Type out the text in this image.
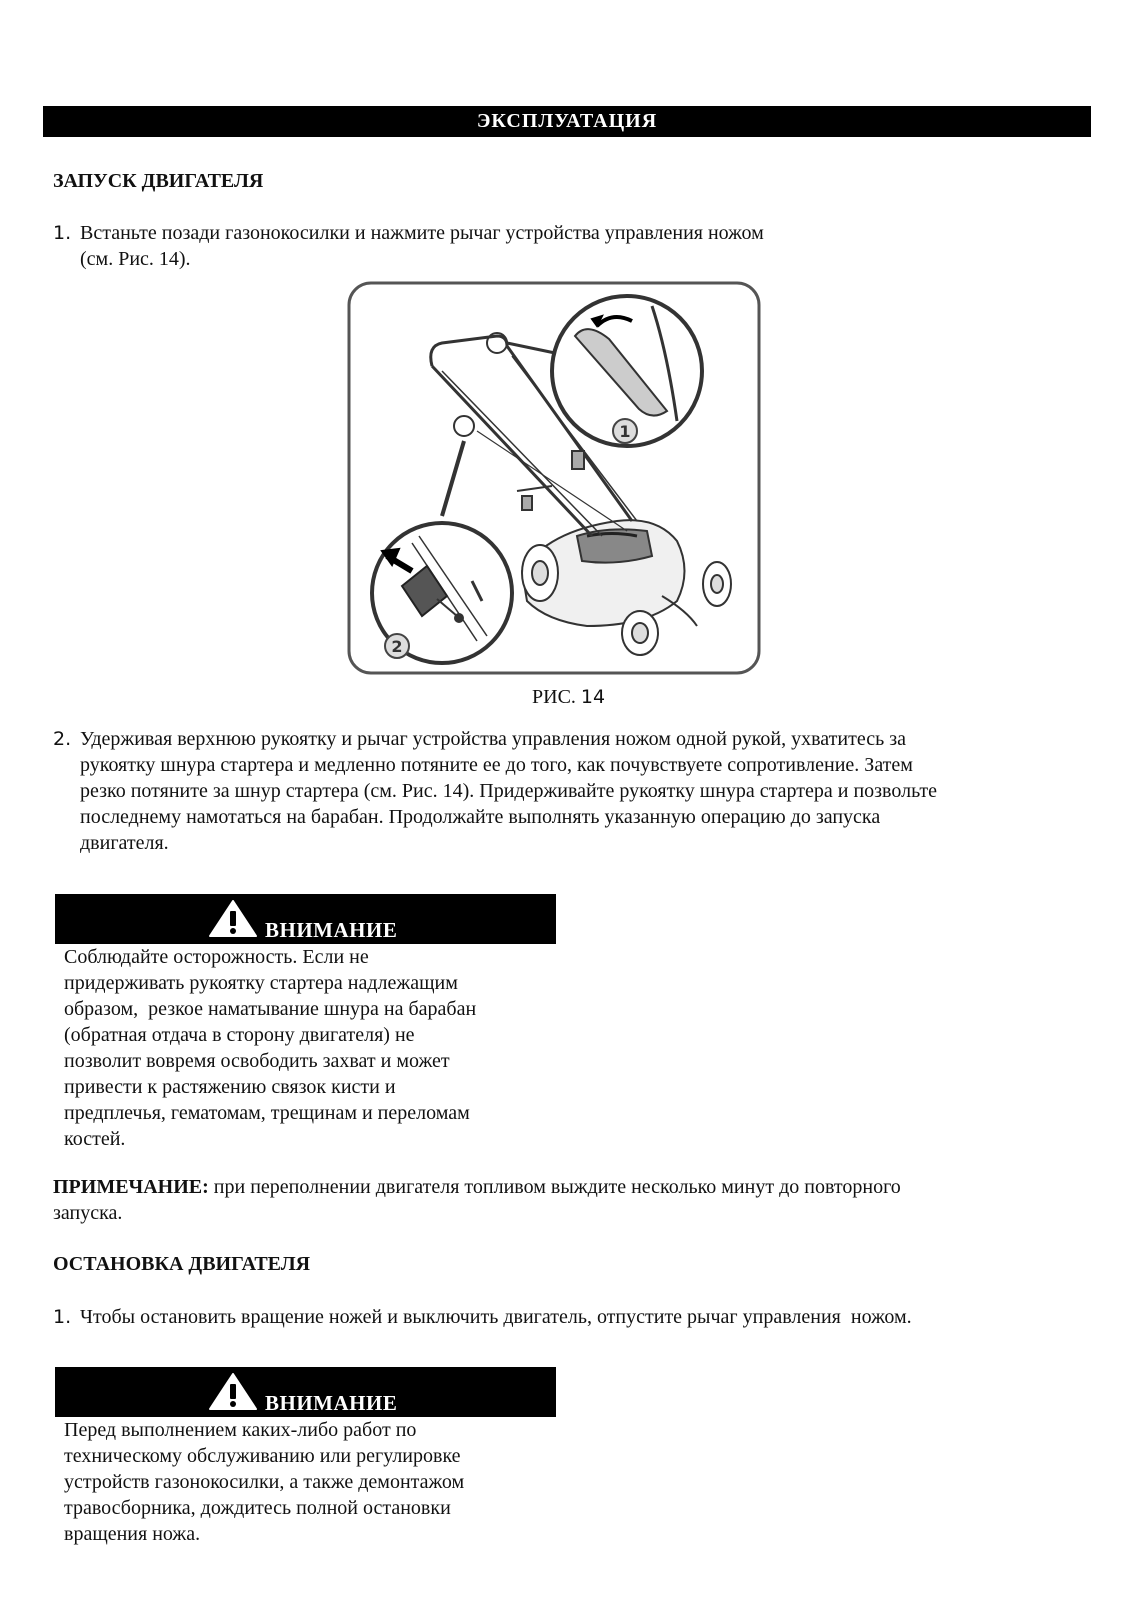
ЭКСПЛУАТАЦИЯ
ЗАПУСК ДВИГАТЕЛЯ
1. Встаньте позади газонокосилки и нажмите рычаг устройства управления ножом
(см. Рис. 14).
1
2
РИС. 14
2. Удерживая верхнюю рукоятку и рычаг устройства управления ножом одной рукой, ухватитесь за
рукоятку шнура стартера и медленно потяните ее до того, как почувствуете сопротивление. Затем
резко потяните за шнур стартера (см. Рис. 14). Придерживайте рукоятку шнура стартера и позвольте
последнему намотаться на барабан. Продолжайте выполнять указанную операцию до запуска
двигателя.
ВНИМАНИЕ
Соблюдайте осторожность. Если не
придерживать рукоятку стартера надлежащим
образом,  резкое наматывание шнура на барабан
(обратная отдача в сторону двигателя) не
позволит вовремя освободить захват и может
привести к растяжению связок кисти и
предплечья, гематомам, трещинам и переломам
костей.
ПРИМЕЧАНИЕ: при переполнении двигателя топливом выждите несколько минут до повторного
запуска.
ОСТАНОВКА ДВИГАТЕЛЯ
1. Чтобы остановить вращение ножей и выключить двигатель, отпустите рычаг управления  ножом.
ВНИМАНИЕ
Перед выполнением каких-либо работ по
техническому обслуживанию или регулировке
устройств газонокосилки, а также демонтажом
травосборника, дождитесь полной остановки
вращения ножа.
